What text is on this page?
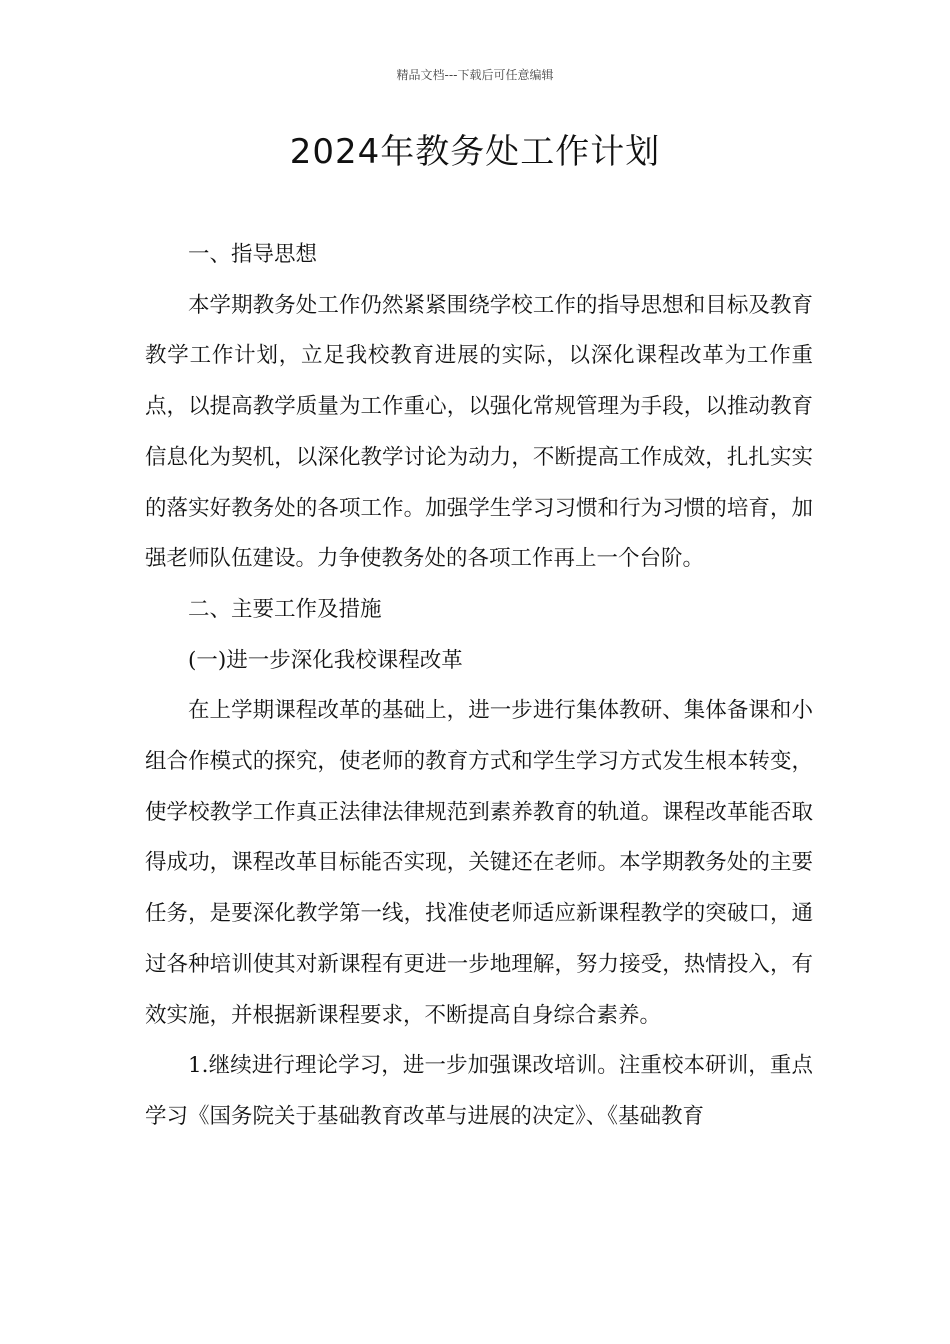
精品文档---下载后可任意编辑
2024年教务处工作计划

一、指导思想

本学期教务处工作仍然紧紧围绕学校工作的指导思想和目标及教育教学工作计划，立足我校教育进展的实际，以深化课程改革为工作重点，以提高教学质量为工作重心，以强化常规管理为手段，以推动教育信息化为契机，以深化教学讨论为动力，不断提高工作成效，扎扎实实的落实好教务处的各项工作。加强学生学习习惯和行为习惯的培育，加强老师队伍建设。力争使教务处的各项工作再上一个台阶。

二、主要工作及措施

(一)进一步深化我校课程改革

在上学期课程改革的基础上，进一步进行集体教研、集体备课和小组合作模式的探究，使老师的教育方式和学生学习方式发生根本转变，使学校教学工作真正法律法律规范到素养教育的轨道。课程改革能否取得成功，课程改革目标能否实现，关键还在老师。本学期教务处的主要任务，是要深化教学第一线，找准使老师适应新课程教学的突破口，通过各种培训使其对新课程有更进一步地理解，努力接受，热情投入，有效实施，并根据新课程要求，不断提高自身综合素养。

1.继续进行理论学习，进一步加强课改培训。注重校本研训，重点学习《国务院关于基础教育改革与进展的决定》、《基础教育
